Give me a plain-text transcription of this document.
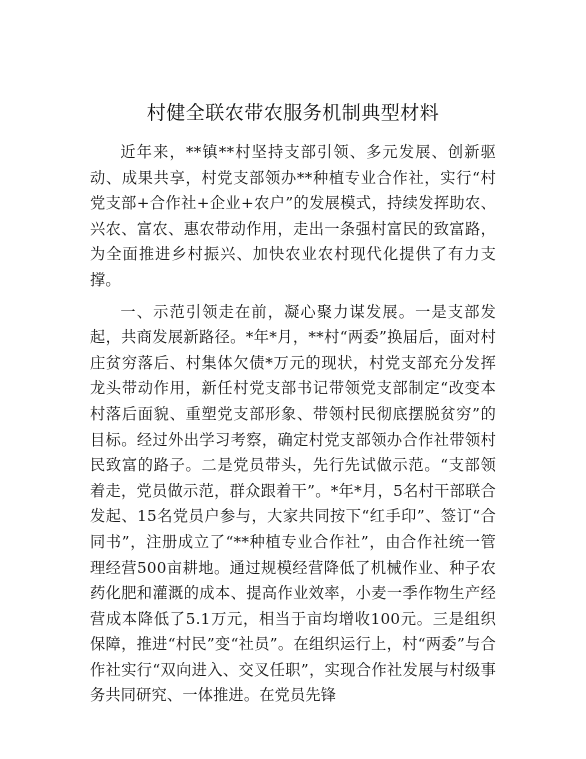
村健全联农带农服务机制典型材料

近年来，**镇**村坚持支部引领、多元发展、创新驱动、成果共享，村党支部领办**种植专业合作社，实行“村党支部+合作社+企业+农户”的发展模式，持续发挥助农、兴农、富农、惠农带动作用，走出一条强村富民的致富路，为全面推进乡村振兴、加快农业农村现代化提供了有力支撑。

一、示范引领走在前，凝心聚力谋发展。一是支部发起，共商发展新路径。*年*月，**村“两委”换届后，面对村庄贫穷落后、村集体欠债*万元的现状，村党支部充分发挥龙头带动作用，新任村党支部书记带领党支部制定“改变本村落后面貌、重塑党支部形象、带领村民彻底摆脱贫穷”的目标。经过外出学习考察，确定村党支部领办合作社带领村民致富的路子。二是党员带头，先行先试做示范。“支部领着走，党员做示范，群众跟着干”。*年*月，5名村干部联合发起、15名党员户参与，大家共同按下“红手印”、签订“合同书”，注册成立了“**种植专业合作社”，由合作社统一管理经营500亩耕地。通过规模经营降低了机械作业、种子农药化肥和灌溉的成本、提高作业效率，小麦一季作物生产经营成本降低了5.1万元，相当于亩均增收100元。三是组织保障，推进“村民”变“社员”。在组织运行上，村“两委”与合作社实行“双向进入、交叉任职”，实现合作社发展与村级事务共同研究、一体推进。在党员先锋
